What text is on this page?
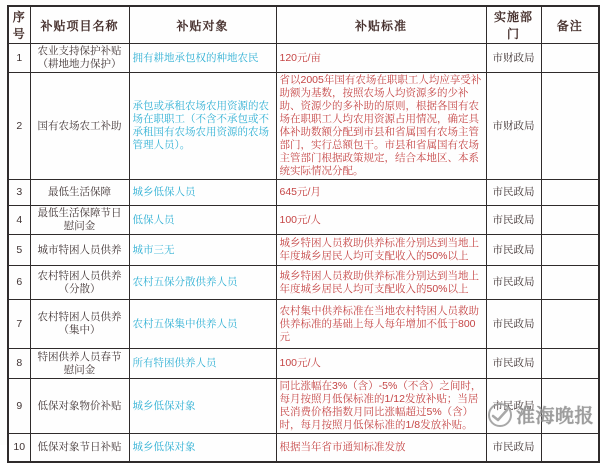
序号	补贴项目名称	补贴对象	补贴标准	实施部门	备注
1	农业支持保护补贴（耕地地力保护）	拥有耕地承包权的种地农民	120元/亩	市财政局	
2	国有农场农工补助	承包或承租农场农用资源的农场在职职工（不含不承包或不承租国有农场农用资源的农场管理人员）。	省以2005年国有农场在职职工人均应享受补助额为基数，按照农场人均资源多的少补助、资源少的多补助的原则，根据各国有农场在职职工人均农用资源占用情况，确定具体补助数额分配到市县和省属国有农场主管部门，实行总额包干。市县和省属国有农场主管部门根据政策规定，结合本地区、本系统实际情况分配。	市财政局	
3	最低生活保障	城乡低保人员	645元/月	市民政局	
4	最低生活保障节日慰问金	低保人员	100元/人	市民政局	
5	城市特困人员供养	城市三无	城乡特困人员救助供养标准分别达到当地上年度城乡居民人均可支配收入的50%以上	市民政局	
6	农村特困人员供养（分散）	农村五保分散供养人员	城乡特困人员救助供养标准分别达到当地上年度城乡居民人均可支配收入的50%以上	市民政局	
7	农村特困人员供养（集中）	农村五保集中供养人员	农村集中供养标准在当地农村特困人员救助供养标准的基础上每人每年增加不低于800 元	市民政局	
8	特困供养人员春节慰问金	所有特困供养人员	100元/人	市民政局	
9	低保对象物价补贴	城乡低保对象	同比涨幅在3%（含）-5%（不含）之间时，每月按照月低保标准的1/12发放补贴；当居民消费价格指数月同比涨幅超过5%（含）时，每月按照月低保标准的1/8发放补贴。	市民政局	
10	低保对象节日补贴	城乡低保对象	根据当年省市通知标准发放	市民政局	
淮海晚报
